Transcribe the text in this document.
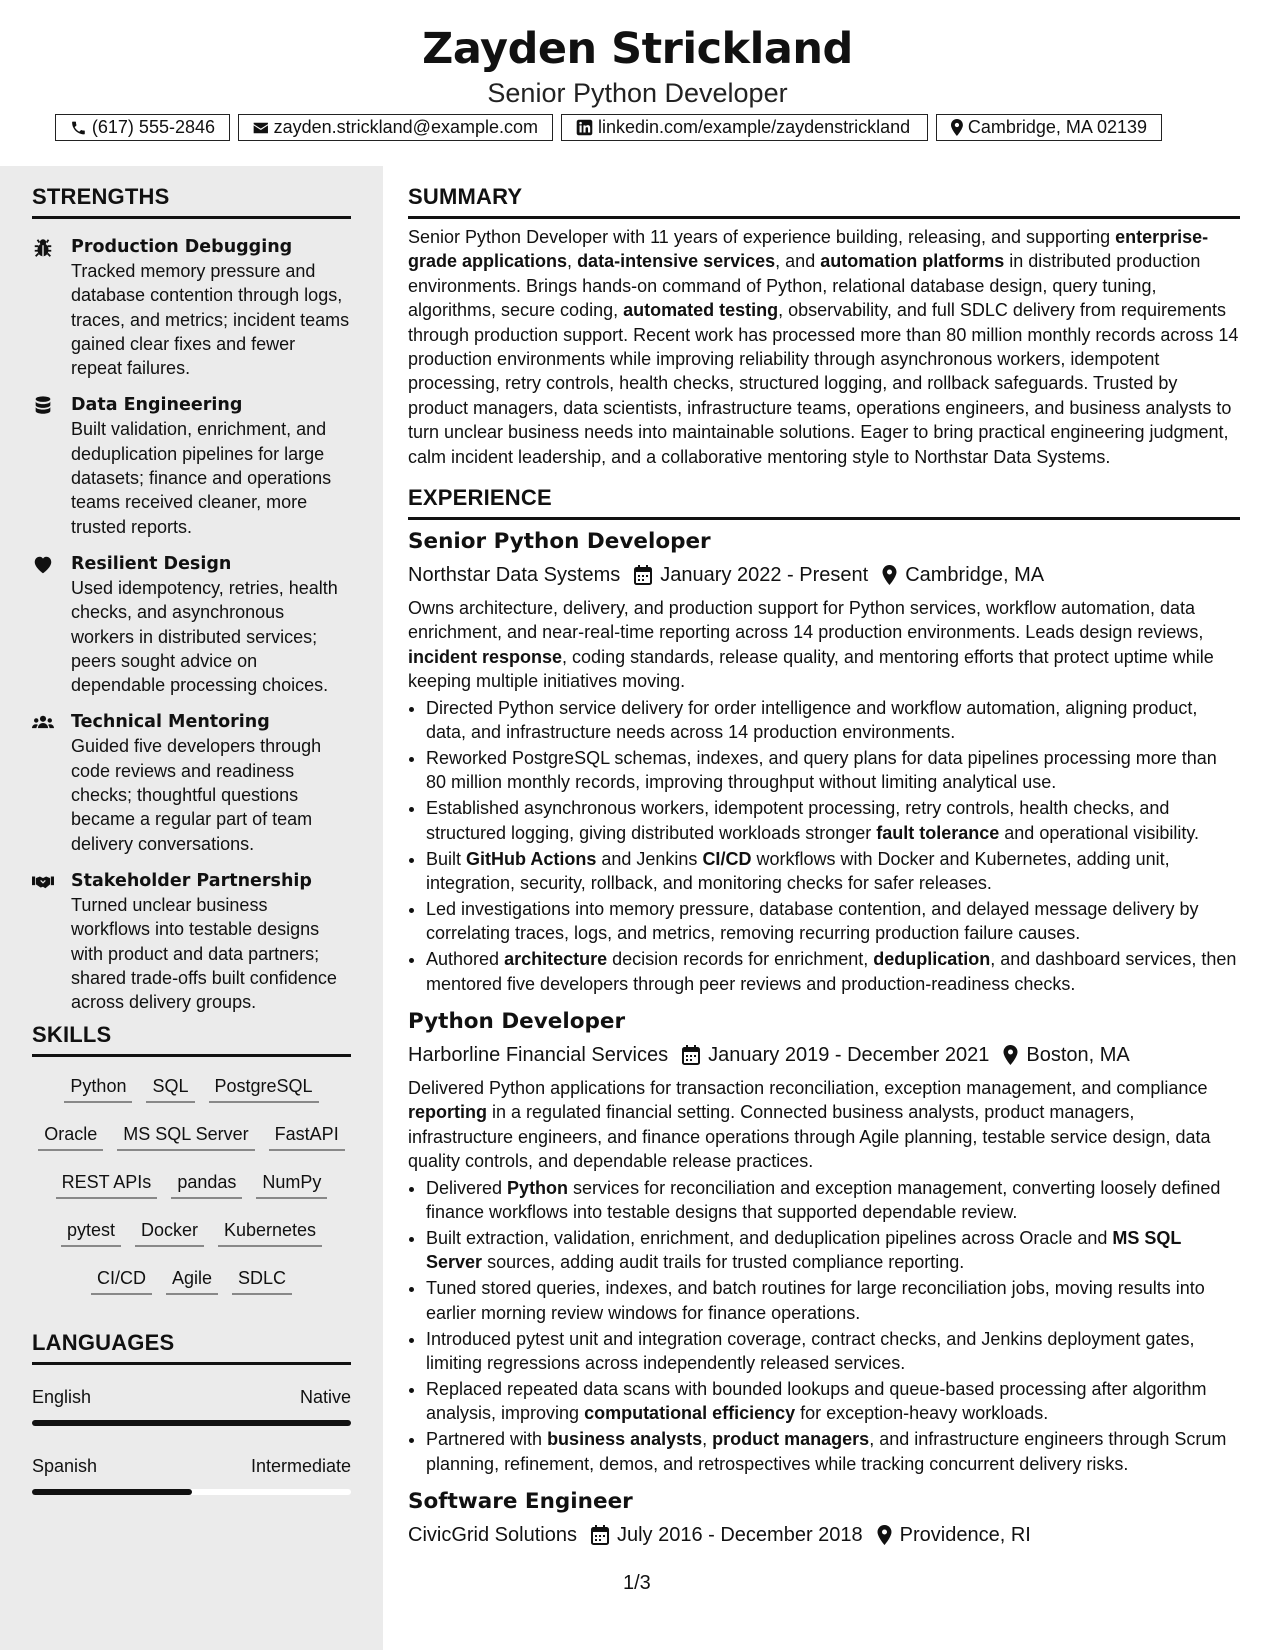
Zayden Strickland

Senior Python Developer

(617) 555-2846	zayden.strickland@example.com	linkedin.com/example/zaydenstrickland	Cambridge, MA 02139
STRENGTHS
Production Debugging
Tracked memory pressure and database contention through logs, traces, and metrics; incident teams gained clear fixes and fewer repeat failures.
Data Engineering
Built validation, enrichment, and deduplication pipelines for large datasets; finance and operations teams received cleaner, more trusted reports.
Resilient Design
Used idempotency, retries, health checks, and asynchronous workers in distributed services; peers sought advice on dependable processing choices.
Technical Mentoring
Guided five developers through code reviews and readiness checks; thoughtful questions became a regular part of team delivery conversations.
Stakeholder Partnership
Turned unclear business workflows into testable designs with product and data partners; shared trade-offs built confidence across delivery groups.
SKILLS
Python	SQL	PostgreSQL
Oracle	MS SQL Server	FastAPI
REST APIs	pandas	NumPy
pytest	Docker	Kubernetes
CI/CD	Agile	SDLC
LANGUAGES
English	Native
Spanish	Intermediate
SUMMARY

Senior Python Developer with 11 years of experience building, releasing, and supporting enterprise-grade applications, data-intensive services, and automation platforms in distributed production environments. Brings hands-on command of Python, relational database design, query tuning, algorithms, secure coding, automated testing, observability, and full SDLC delivery from requirements through production support. Recent work has processed more than 80 million monthly records across 14 production environments while improving reliability through asynchronous workers, idempotent processing, retry controls, health checks, structured logging, and rollback safeguards. Trusted by product managers, data scientists, infrastructure teams, operations engineers, and business analysts to turn unclear business needs into maintainable solutions. Eager to bring practical engineering judgment, calm incident leadership, and a collaborative mentoring style to Northstar Data Systems.

EXPERIENCE
Senior Python Developer
Northstar Data Systems January 2022 - Present Cambridge, MA

Owns architecture, delivery, and production support for Python services, workflow automation, data enrichment, and near-real-time reporting across 14 production environments. Leads design reviews, incident response, coding standards, release quality, and mentoring efforts that protect uptime while keeping multiple initiatives moving.

• Directed Python service delivery for order intelligence and workflow automation, aligning product, data, and infrastructure needs across 14 production environments.
• Reworked PostgreSQL schemas, indexes, and query plans for data pipelines processing more than 80 million monthly records, improving throughput without limiting analytical use.
• Established asynchronous workers, idempotent processing, retry controls, health checks, and structured logging, giving distributed workloads stronger fault tolerance and operational visibility.
• Built GitHub Actions and Jenkins CI/CD workflows with Docker and Kubernetes, adding unit, integration, security, rollback, and monitoring checks for safer releases.
• Led investigations into memory pressure, database contention, and delayed message delivery by correlating traces, logs, and metrics, removing recurring production failure causes.
• Authored architecture decision records for enrichment, deduplication, and dashboard services, then mentored five developers through peer reviews and production-readiness checks.
Python Developer
Harborline Financial Services January 2019 - December 2021 Boston, MA

Delivered Python applications for transaction reconciliation, exception management, and compliance reporting in a regulated financial setting. Connected business analysts, product managers, infrastructure engineers, and finance operations through Agile planning, testable service design, data quality controls, and dependable release practices.

• Delivered Python services for reconciliation and exception management, converting loosely defined finance workflows into testable designs that supported dependable review.
• Built extraction, validation, enrichment, and deduplication pipelines across Oracle and MS SQL Server sources, adding audit trails for trusted compliance reporting.
• Tuned stored queries, indexes, and batch routines for large reconciliation jobs, moving results into earlier morning review windows for finance operations.
• Introduced pytest unit and integration coverage, contract checks, and Jenkins deployment gates, limiting regressions across independently released services.
• Replaced repeated data scans with bounded lookups and queue-based processing after algorithm analysis, improving computational efficiency for exception-heavy workloads.
• Partnered with business analysts, product managers, and infrastructure engineers through Scrum planning, refinement, demos, and retrospectives while tracking concurrent delivery risks.
Software Engineer
CivicGrid Solutions July 2016 - December 2018 Providence, RI
1/3
